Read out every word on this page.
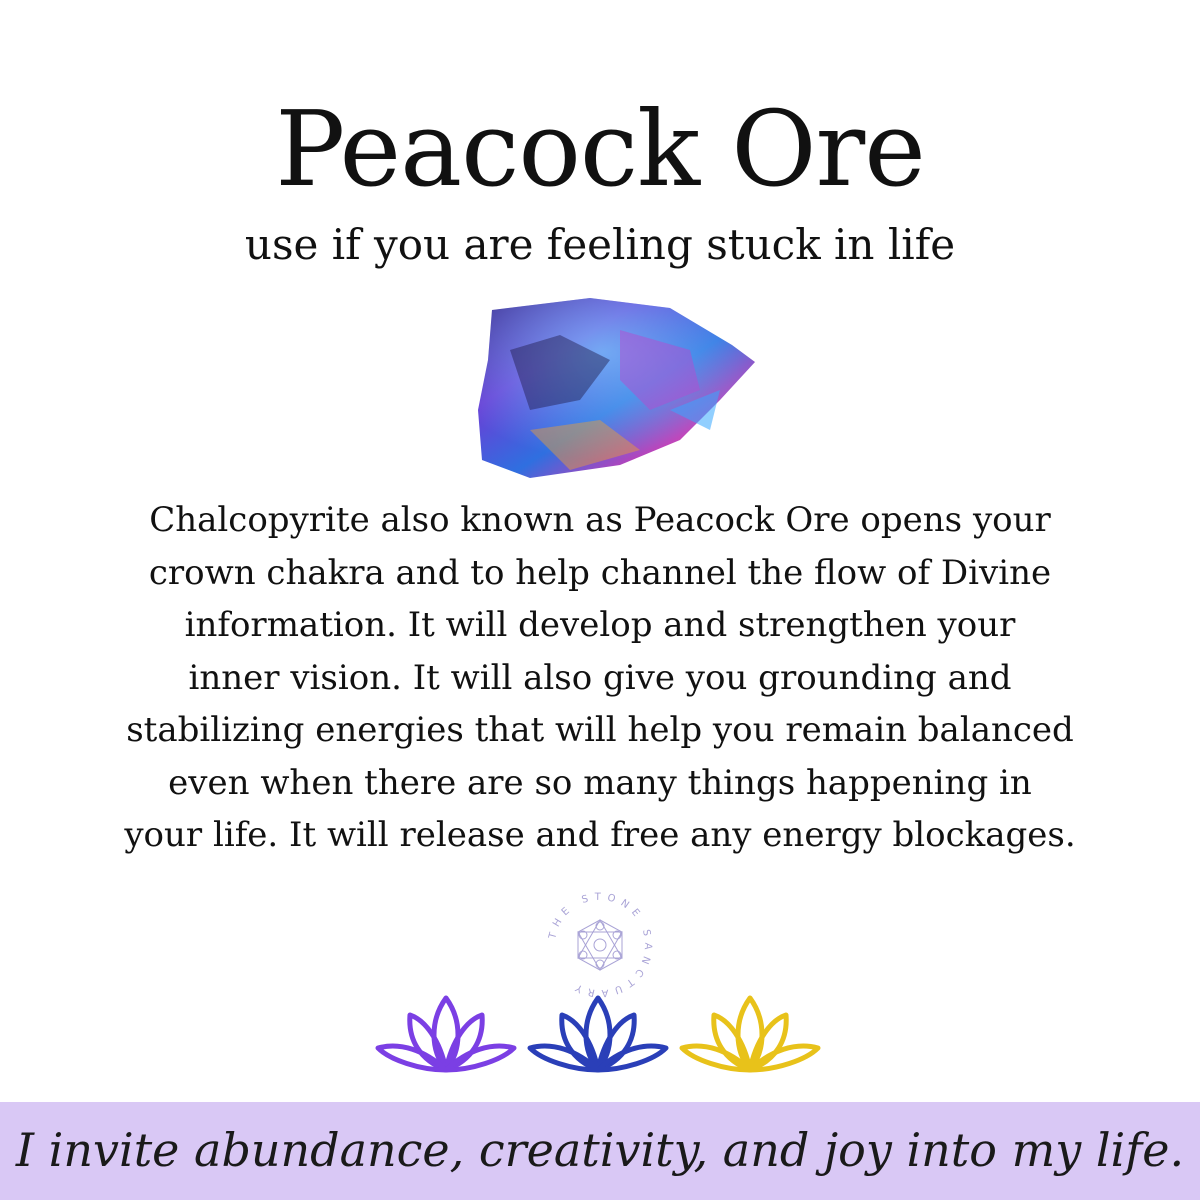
Peacock Ore
use if you are feeling stuck in life
Chalcopyrite also known as Peacock Ore opens your
crown chakra and to help channel the flow of Divine
information. It will develop and strengthen your
inner vision. It will also give you grounding and
stabilizing energies that will help you remain balanced
even when there are so many things happening in
your life. It will release and free any energy blockages.
THE STONE SANCTUARY
I invite abundance, creativity, and joy into my life.
